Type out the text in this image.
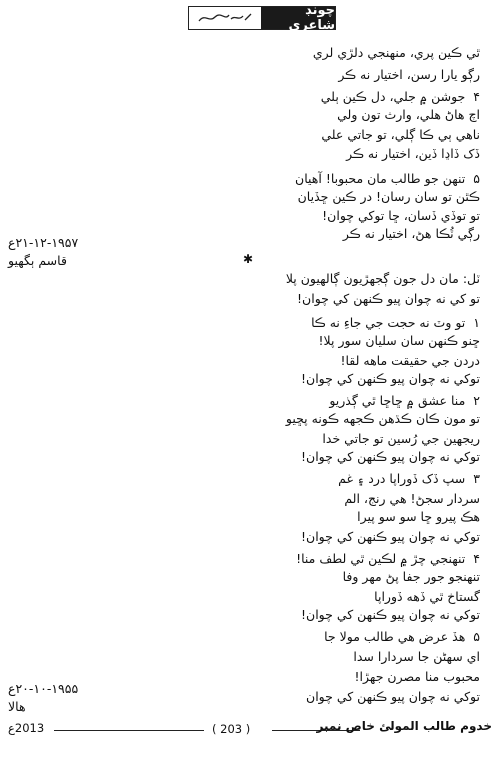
چونڊ شاعري
ٿي ڪين پري، منهنجي دلڙي لري
رڳو يارا رسن، اختيار نه ڪر
۴جوشن ۾ جلي، دل ڪين ٻلي
اچ هاڻ هلي، وارث تون ولي
ناهي ٻي ڪا ڳلي، تو جاتي علي
ڏک ڏاڍا ڏين، اختيار نه ڪر
۵تنهن جو طالب مان محبوبا! آهيان
ڪٿن تو سان رسان! در ڪين ڇڏيان
تو توڏي ڏسان، ڇا توکي چوان!
رڳي ٽُڪا هڻ، اختيار نه ڪر
۲۱-۱۲-۱۹۵۷ع
قاسم ٻگهيو	✱
ٽل: مان دل جون ڳجهڙيون ڳالهيون پلا
تو کي نه چوان پيو ڪنهن کي چوان!
۱تو وٽ نه حجت جي جاءِ نه ڪا
ڇنو ڪنهن سان سليان سور پلا!
دردن جي حقيقت ماهه لقا!
توکي نه چوان پيو ڪنهن کي چوان!
۲منا عشق ۾ ڇاڇا ٿي ڳذريو
تو مون ڪان ڪڌهن ڪجهه ڪونه پڇيو
ريجهين جي رُسين تو جاتي خدا
توکي نه چوان پيو ڪنهن کي چوان!
۳سپ ڏک ڏوراپا درد ۽ غم
سردار سجڻ! هي رنج، الم
هڪ پيرو ڇا سو سو پيرا
توکي نه چوان پيو ڪنهن کي چوان!
۴تنهنجي چڙ ۾ لڪين ٿي لطف منا!
تنهنجو جور جفا پڻ مهر وفا
گستاخ ٿي ڏهه ڏوراپا
توکي نه چوان پيو ڪنهن کي چوان!
۵هڏ عرض هي طالب مولا جا
اي سهڻن جا سردارا سدا
محبوب منا مصرن جهڙا!
توکي نه چوان پيو ڪنهن کي چوان
۲۰-۱۰-۱۹۵۵ع
هالا
2013ع	( 203 )	خدوم طالب المولئ خاص نمبر
